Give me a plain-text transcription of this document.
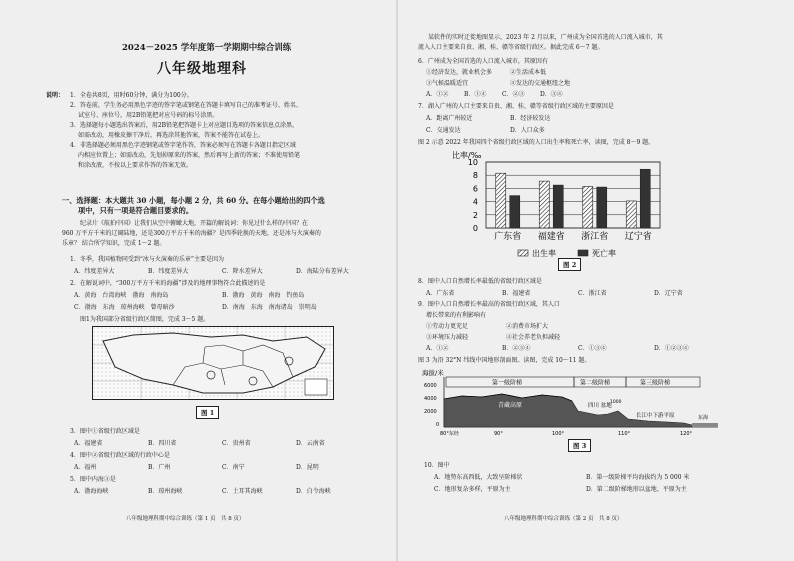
2024－2025 学年度第一学期期中综合训练
八年级地理科
说明： 1．全卷共8页，用时60分钟，满分为100分。
2．答卷前，学生务必用黑色字迹的签字笔或钢笔在答题卡填写自己的准考证号、姓名、
试室号、座位号，用2B铅笔把对应号码的标号涂黑。
3．选择题每小题选出答案后，用2B铅笔把答题卡上对应题目选项的答案信息点涂黑，
如需改动，用橡皮擦干净后，再选涂其他答案，答案不能答在试卷上。
4．非选择题必须用黑色字迹钢笔或签字笔作答，答案必须写在答题卡各题目指定区域
内相应位置上；如需改动，先划掉原来的答案，然后再写上新的答案；不准使用铅笔
和涂改液，不按以上要求作答的答案无效。
一、选择题：本大题共 30 小题，每小题 2 分，共 60 分。在每小题给出的四个选
项中，只有一项是符合题目要求的。
纪录片《航拍中国》让我们从空中俯瞰大地，开篇的解说词：你见过什么样的中国？在
960 万平方千米的辽阔陆地，还是300万平方千米的海疆？是四季轮换的天地，还是冰与火演奏的
乐章？ 结合所学知识，完成 1～2 题。
1．冬季，我国植物同受到“冰与火演奏的乐章”主要是因为
A．纬度差异大	B．纬度差异大	C．降水差异大	D．海陆分布差异大
2．在解说词中，“300万平方千米的海疆”涉及的地理事物符合此描述的是
A．黄海　台湾海峡　渤海　南海岛	B．渤海　黄海　南海　钓鱼岛
C．渤海　东海　琼州海峡　曾母暗沙	D．南海　东海　南海诸岛　崇明岛
图1为我国部分省级行政区简图，完成 3～5 题。
图 1
3．图中①省级行政区域是
A．福建省	B．四川省	C．贵州省	D．云南省
4．图中②省级行政区域的行政中心是
A．福州	B．广州	C．南宁	D．昆明
5．图中内海③是
A．渤海海峡	B．琼州海峡	C．土耳其海峡	D．白令海峡
八年级地理科期中综合训练（第 1 页　共 8 页）
某软件的实时迁徙地图显示，2023 年 2 月以来，广州成为全国首选的人口流入城市，其
流入人口主要来自贵、湘、桂、赣等省级行政区。据此完成 6～7 题。
6．广州成为全国首选的人口流入城市，其原因有
①经济发达，就业机会多	②生活成本低
③气候温暖适宜	④发达的交通枢纽之地
A．①②	B．①④	C．②③	D．③④
7．湖入广州的人口主要来自贵、湘、桂、赣等省级行政区域的主要原因是
A．距离广州较近	B．经济较发达
C．交通发达	D．人口众多
图 2 示意 2022 年我国四个省级行政区域的人口出生率和死亡率，读图，完成 8～9 题。
比率/‰
0
2
4
6
8
10
广东省 福建省 浙江省 辽宁省
出生率	死亡率
图 2
8．图中人口自然增长率最低的省级行政区域是
A．广东省	B．福建省	C．浙江省	D．辽宁省
9．图中人口自然增长率最高的省级行政区域，其人口
增长带来的有利影响有
①劳动力更充足	②消费市场扩大
③环境压力减轻	④社会养老负担减轻
A．①②	B．②③④	C．①③④	D．①②③④
图 3 为沿 32°N 纬线中国地形剖面图。读图，完成 10～11 题。
海拔/米
6000
4000
2000
0
第一级阶梯	第二级阶梯	第三级阶梯
青藏高原	四川 盆地
长江中下游平原	东海
1000
80°东经	90°	100°	110°	120°
图 3
10．图中
A．地势东高西低，大致呈阶梯状	B．第一级阶梯平均海拔约为 5 000 米
C．地形复杂多样，平原为主	D．第二级阶梯地形以盆地、平原为主
八年级地理科期中综合训练（第 2 页　共 8 页）
